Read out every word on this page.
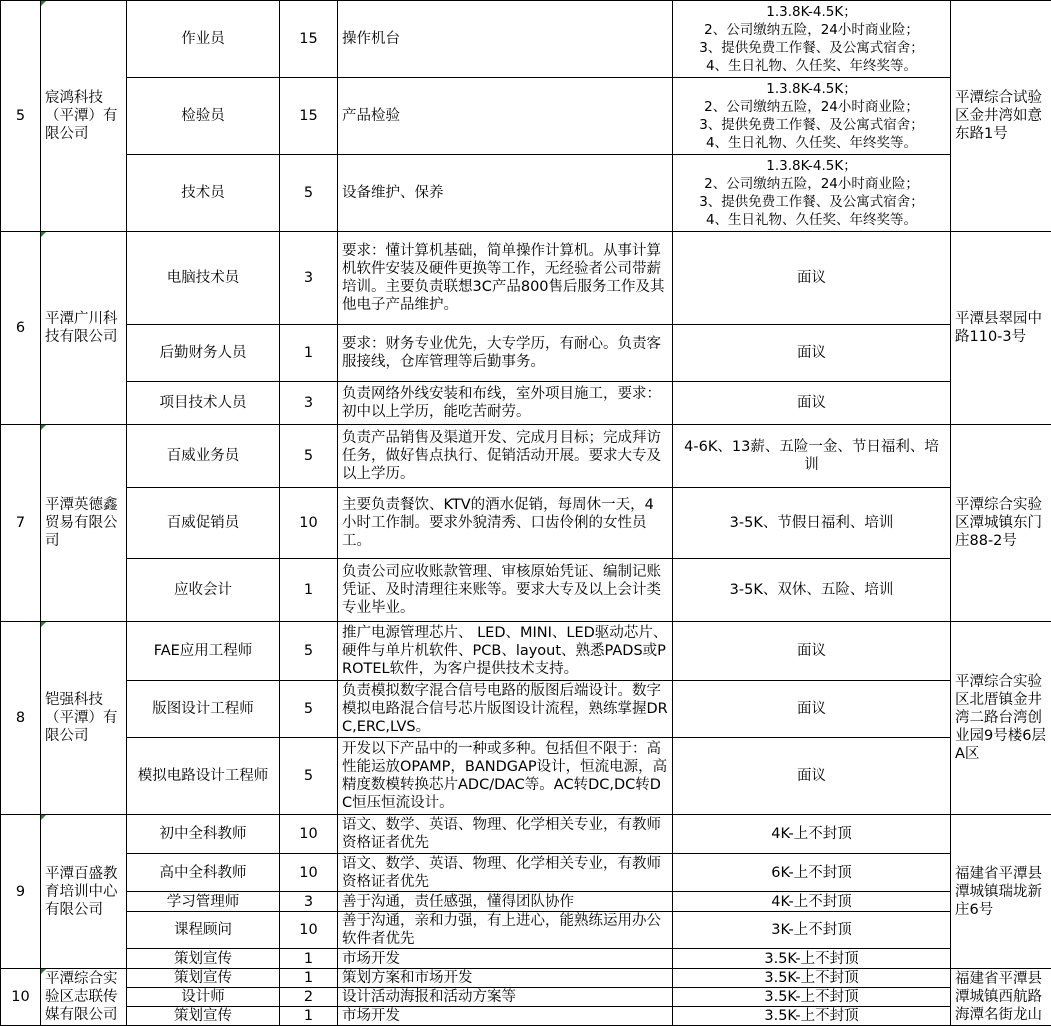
5	宸鸿科技（平潭）有限公司	作业员	15	操作机台	1.3.8K-4.5K；
2、公司缴纳五险，24小时商业险；
3、提供免费工作餐、及公寓式宿舍；
4、生日礼物、久任奖、年终奖等。	平潭综合试验区金井湾如意东路1号
		检验员	15	产品检验	1.3.8K-4.5K；
2、公司缴纳五险，24小时商业险；
3、提供免费工作餐、及公寓式宿舍；
4、生日礼物、久任奖、年终奖等。	

		技术员	5	设备维护、保养	1.3.8K-4.5K；
2、公司缴纳五险，24小时商业险；
3、提供免费工作餐、及公寓式宿舍；
4、生日礼物、久任奖、年终奖等。	

6	平潭广川科技有限公司	电脑技术员	3	要求：懂计算机基础，简单操作计算机。从事计算机软件安装及硬件更换等工作，无经验者公司带薪培训。主要负责联想3C产品800售后服务工作及其他电子产品维护。	面议	平潭县翠园中路110-3号
		后勤财务人员	1	要求：财务专业优先，大专学历，有耐心。负责客服接线，仓库管理等后勤事务。	面议	
		项目技术人员	3	负责网络外线安装和布线，室外项目施工，要求：初中以上学历，能吃苦耐劳。	面议	
7	平潭英德鑫贸易有限公司	百威业务员	5	负责产品销售及渠道开发、完成月目标；完成拜访任务，做好售点执行、促销活动开展。要求大专及以上学历。	4-6K、13薪、五险一金、节日福利、培训	平潭综合实验区潭城镇东门庄88-2号
		百威促销员	10	主要负责餐饮、KTV的酒水促销，每周休一天，4小时工作制。要求外貌清秀、口齿伶俐的女性员工。	3-5K、节假日福利、培训	
		应收会计	1	负责公司应收账款管理、审核原始凭证、编制记账凭证、及时清理往来账等。要求大专及以上会计类专业毕业。	3-5K、双休、五险、培训	
8	铠强科技（平潭）有限公司	FAE应用工程师	5	推广电源管理芯片、 LED、MINI、LED驱动芯片、硬件与单片机软件、PCB、layout、熟悉PADS或PROTEL软件，为客户提供技术支持。	面议	平潭综合实验区北厝镇金井湾二路台湾创业园9号楼6层A区
		版图设计工程师	5	负责模拟数字混合信号电路的版图后端设计。数字模拟电路混合信号芯片版图设计流程，熟练掌握DRC,ERC,LVS。	面议	
		模拟电路设计工程师	5	开发以下产品中的一种或多种。包括但不限于：高性能运放OPAMP，BANDGAP设计，恒流电源，高精度数模转换芯片ADC/DAC等。AC转DC,DC转DC恒压恒流设计。	面议	
9	平潭百盛教育培训中心有限公司	初中全科教师	10	语文、数学、英语、物理、化学相关专业，有教师资格证者优先	4K-上不封顶	福建省平潭县潭城镇瑞垅新庄6号
		高中全科教师	10	语文、数学、英语、物理、化学相关专业，有教师资格证者优先	6K-上不封顶	
		学习管理师	3	善于沟通，责任感强，懂得团队协作	4K-上不封顶	
		课程顾问	10	善于沟通，亲和力强，有上进心，能熟练运用办公软件者优先	3K-上不封顶	
		策划宣传	1	市场开发	3.5K-上不封顶	
10	平潭综合实验区志联传媒有限公司	策划宣传	1	策划方案和市场开发	3.5K-上不封顶	福建省平潭县潭城镇西航路海潭名街龙山
		设计师	2	设计活动海报和活动方案等	3.5K-上不封顶	
		策划宣传	1	市场开发	3.5K-上不封顶	
